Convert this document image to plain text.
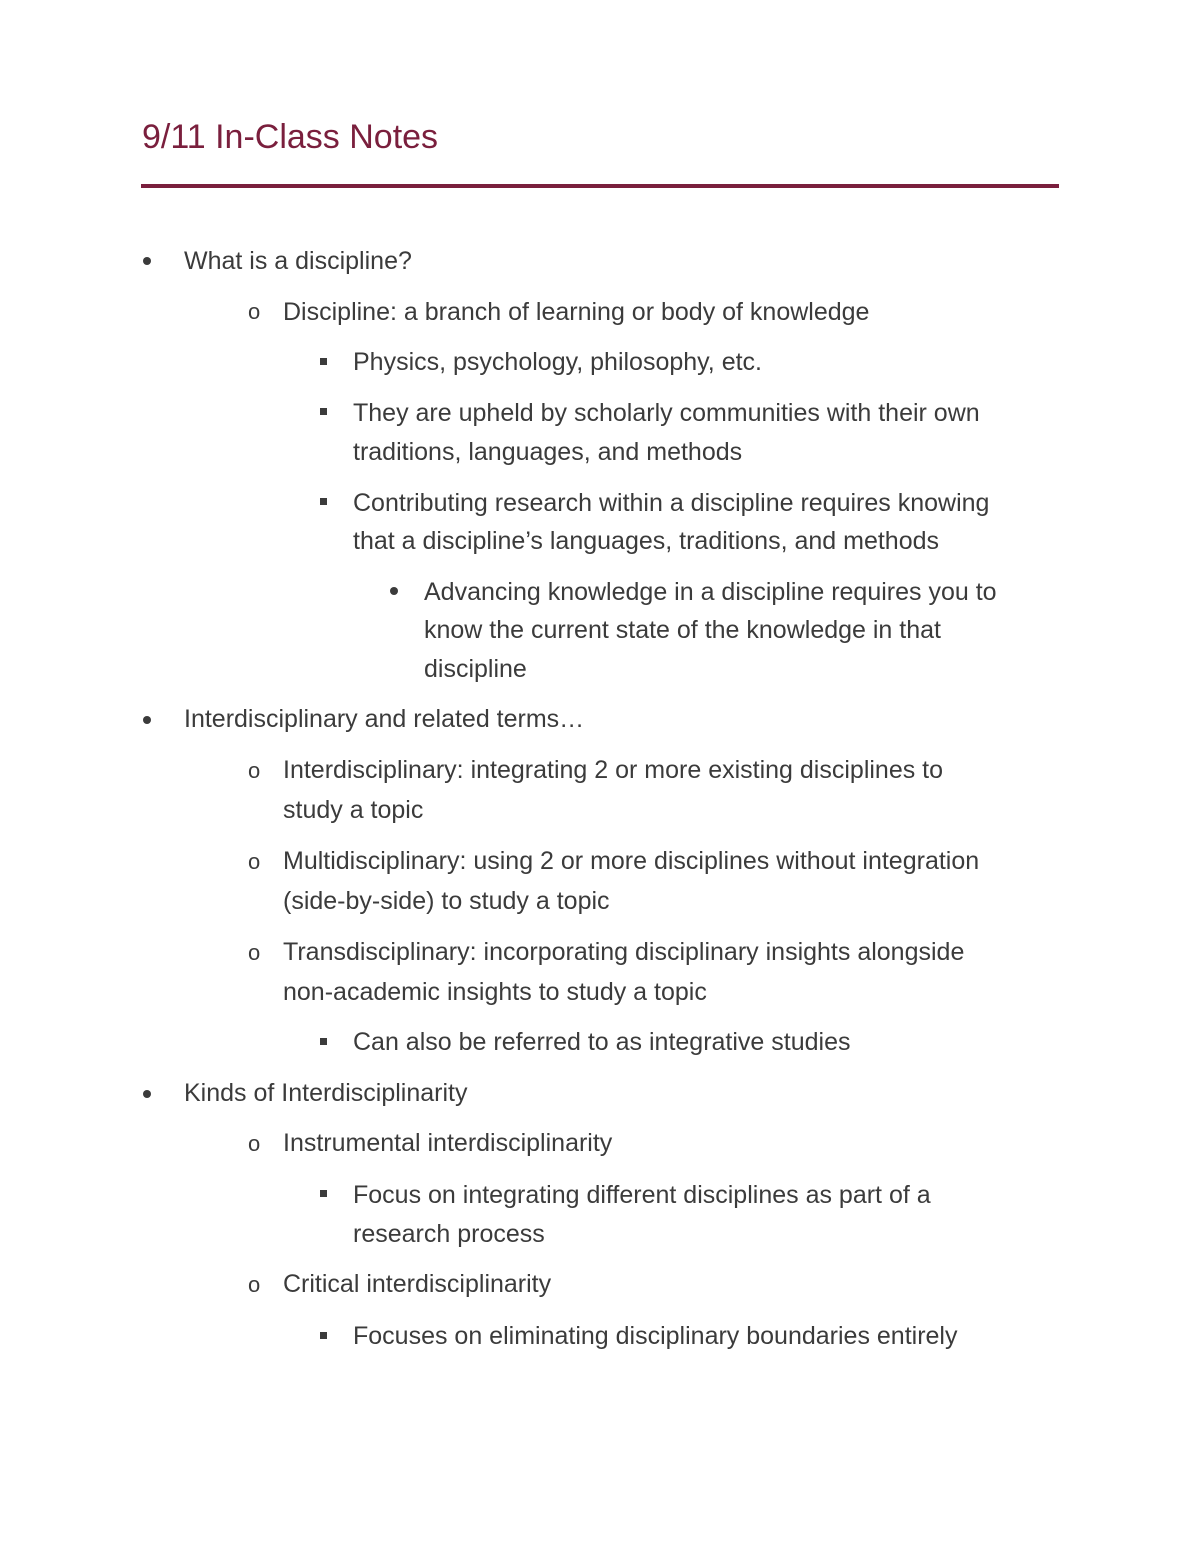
9/11 In-Class Notes
o
o
o
o
o
o
What is a discipline?
Discipline: a branch of learning or body of knowledge
Physics, psychology, philosophy, etc.
They are upheld by scholarly communities with their own
traditions, languages, and methods
Contributing research within a discipline requires knowing
that a discipline’s languages, traditions, and methods
Advancing knowledge in a discipline requires you to
know the current state of the knowledge in that
discipline
Interdisciplinary and related terms…
Interdisciplinary: integrating 2 or more existing disciplines to
study a topic
Multidisciplinary: using 2 or more disciplines without integration
(side-by-side) to study a topic
Transdisciplinary: incorporating disciplinary insights alongside
non-academic insights to study a topic
Can also be referred to as integrative studies
Kinds of Interdisciplinarity
Instrumental interdisciplinarity
Focus on integrating different disciplines as part of a
research process
Critical interdisciplinarity
Focuses on eliminating disciplinary boundaries entirely
